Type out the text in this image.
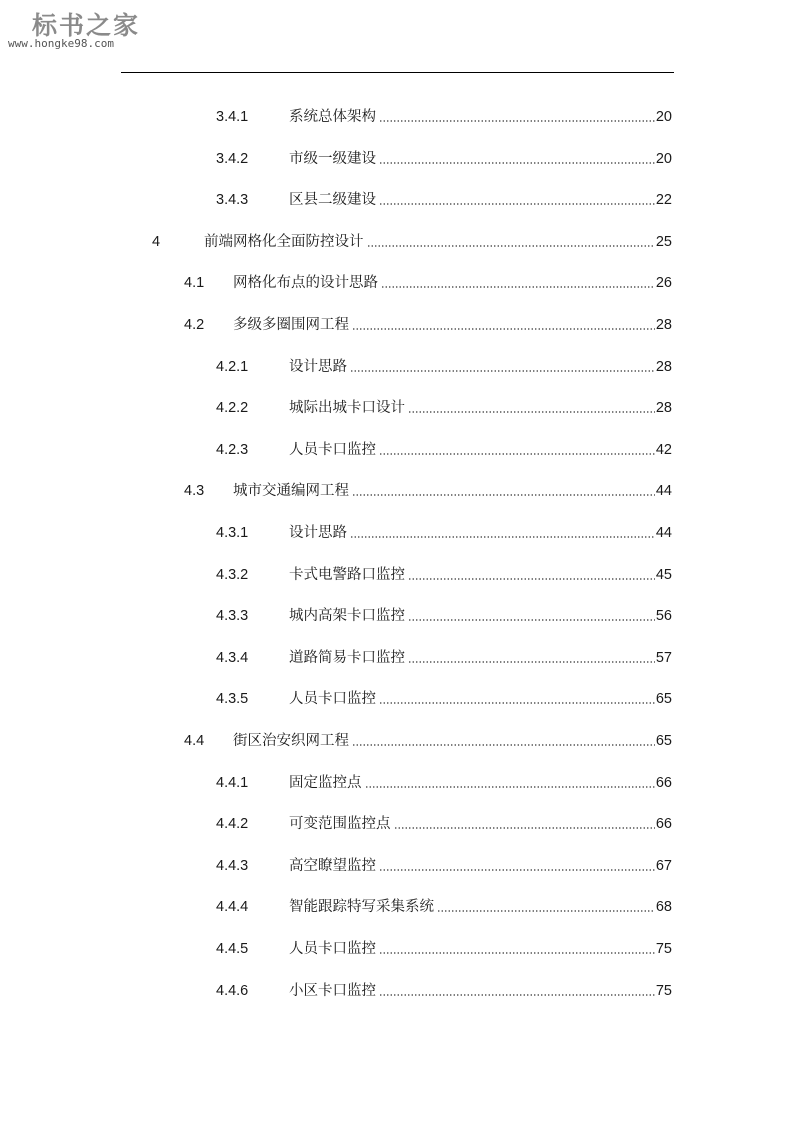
标书之家
www.hongke98.com
3.4.1	系统总体架构	20
3.4.2	市级一级建设	20
3.4.3	区县二级建设	22
4	前端网格化全面防控设计	25
4.1	网格化布点的设计思路	26
4.2	多级多圈围网工程	28
4.2.1	设计思路	28
4.2.2	城际出城卡口设计	28
4.2.3	人员卡口监控	42
4.3	城市交通编网工程	44
4.3.1	设计思路	44
4.3.2	卡式电警路口监控	45
4.3.3	城内高架卡口监控	56
4.3.4	道路简易卡口监控	57
4.3.5	人员卡口监控	65
4.4	街区治安织网工程	65
4.4.1	固定监控点	66
4.4.2	可变范围监控点	66
4.4.3	高空瞭望监控	67
4.4.4	智能跟踪特写采集系统	68
4.4.5	人员卡口监控	75
4.4.6	小区卡口监控	75
